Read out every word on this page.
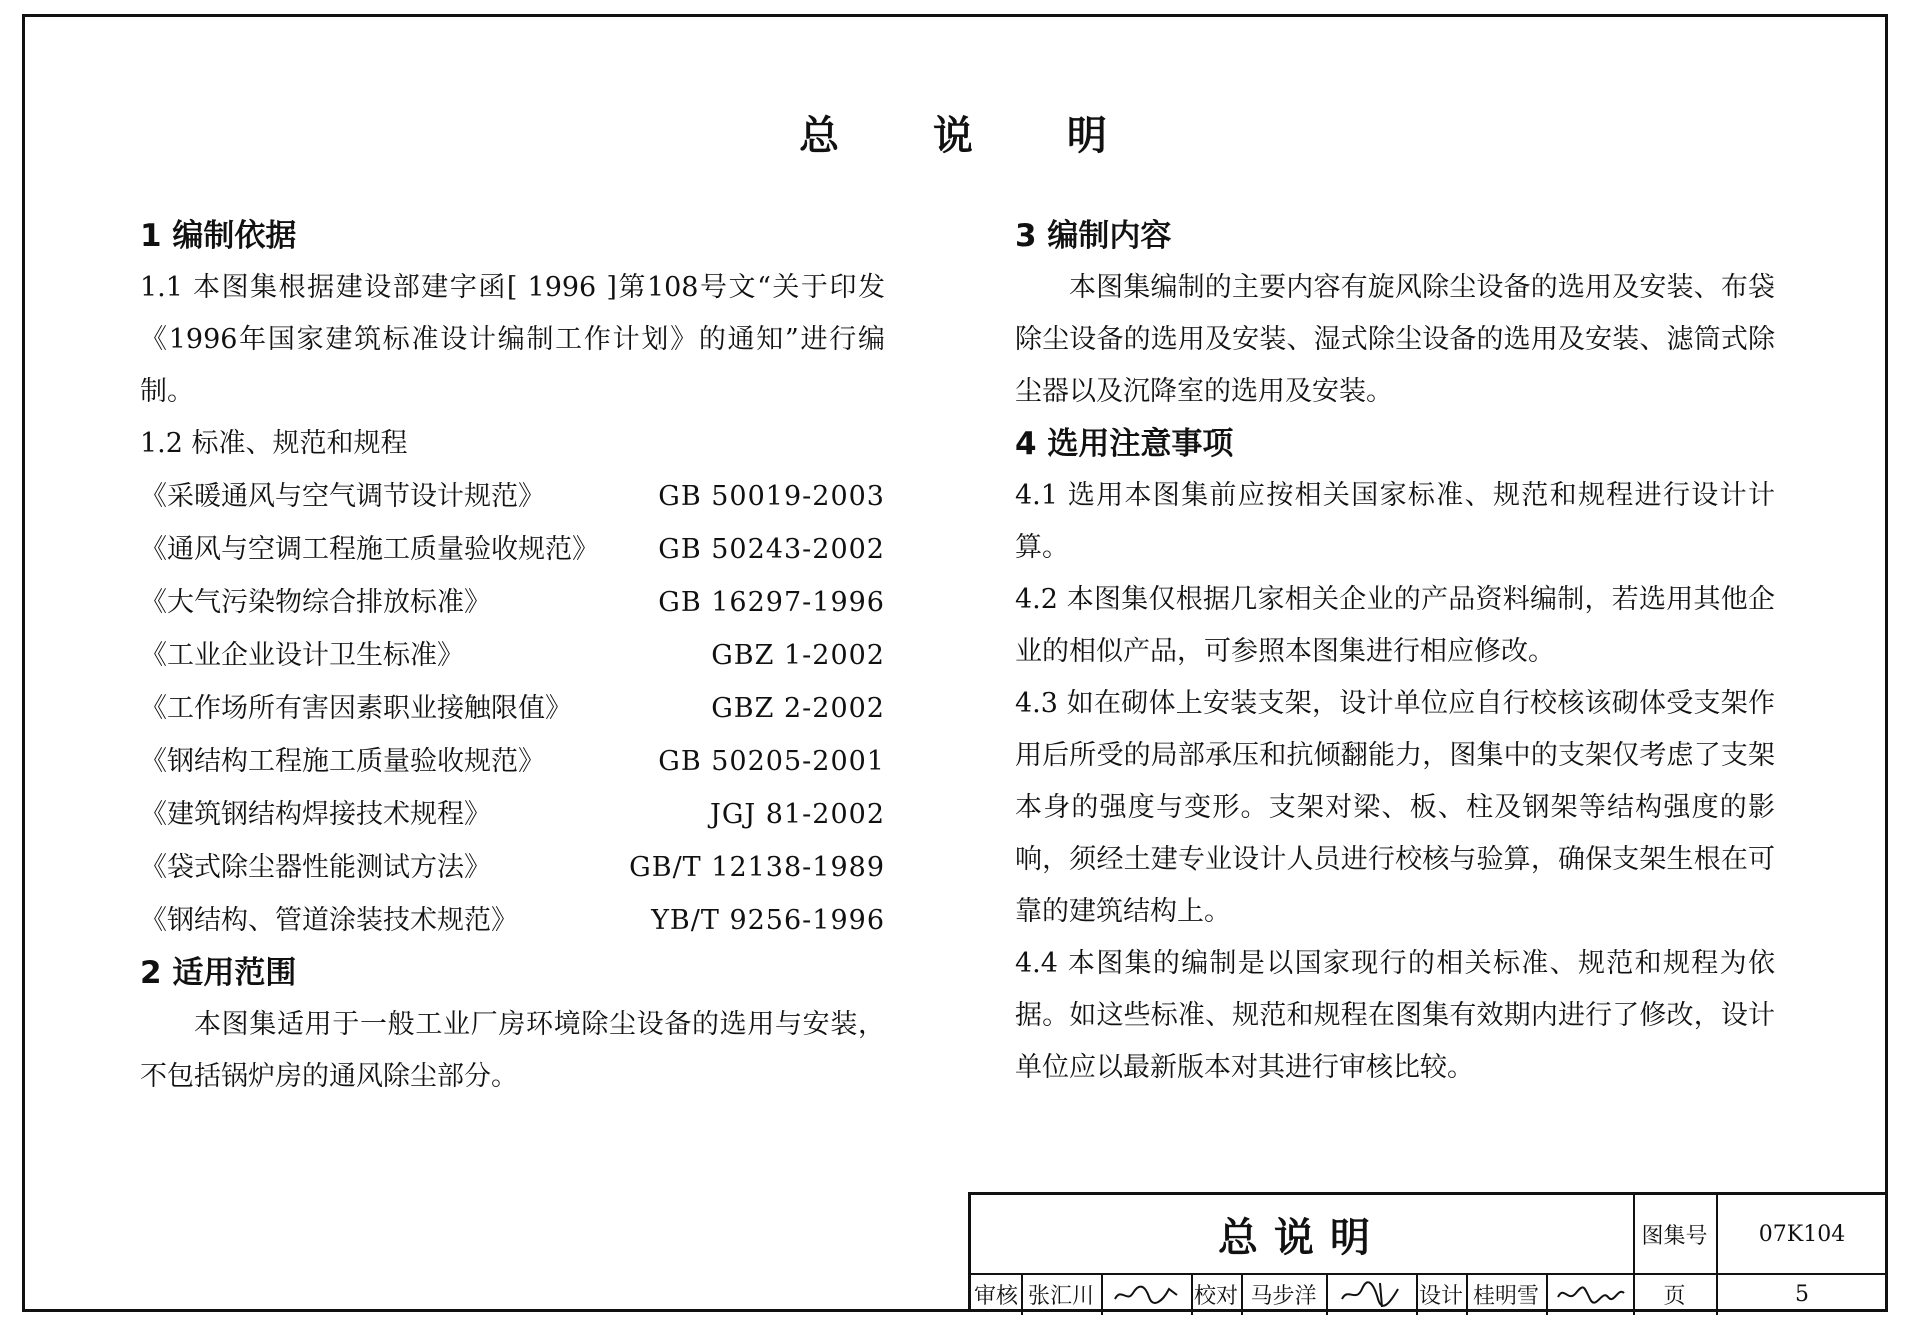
总 说 明
1 编制依据
1.1 本图集根据建设部建字函[ 1996 ]第108号文“关于印发《1996年国家建筑标准设计编制工作计划》的通知”进行编制。
1.2 标准、规范和规程
《采暖通风与空气调节设计规范》	GB 50019-2003
《通风与空调工程施工质量验收规范》 GB 50243-2002
《大气污染物综合排放标准》	GB 16297-1996
《工业企业设计卫生标准》	GBZ 1-2002
《工作场所有害因素职业接触限值》	GBZ 2-2002
《钢结构工程施工质量验收规范》	GB 50205-2001
《建筑钢结构焊接技术规程》	JGJ 81-2002
《袋式除尘器性能测试方法》	GB/T 12138-1989
《钢结构、管道涂装技术规范》	YB/T 9256-1996
2 适用范围
本图集适用于一般工业厂房环境除尘设备的选用与安装，不包括锅炉房的通风除尘部分。
3 编制内容
本图集编制的主要内容有旋风除尘设备的选用及安装、布袋除尘设备的选用及安装、湿式除尘设备的选用及安装、滤筒式除尘器以及沉降室的选用及安装。
4 选用注意事项
4.1 选用本图集前应按相关国家标准、规范和规程进行设计计算。
4.2 本图集仅根据几家相关企业的产品资料编制，若选用其他企业的相似产品，可参照本图集进行相应修改。
4.3 如在砌体上安装支架，设计单位应自行校核该砌体受支架作用后所受的局部承压和抗倾翻能力，图集中的支架仅考虑了支架本身的强度与变形。支架对梁、板、柱及钢架等结构强度的影响，须经土建专业设计人员进行校核与验算，确保支架生根在可靠的建筑结构上。
4.4 本图集的编制是以国家现行的相关标准、规范和规程为依据。如这些标准、规范和规程在图集有效期内进行了修改，设计单位应以最新版本对其进行审核比较。
总说明	图集号	07K104
审核 张汇川	校对 马步洋	设计 桂明雪	页	5
